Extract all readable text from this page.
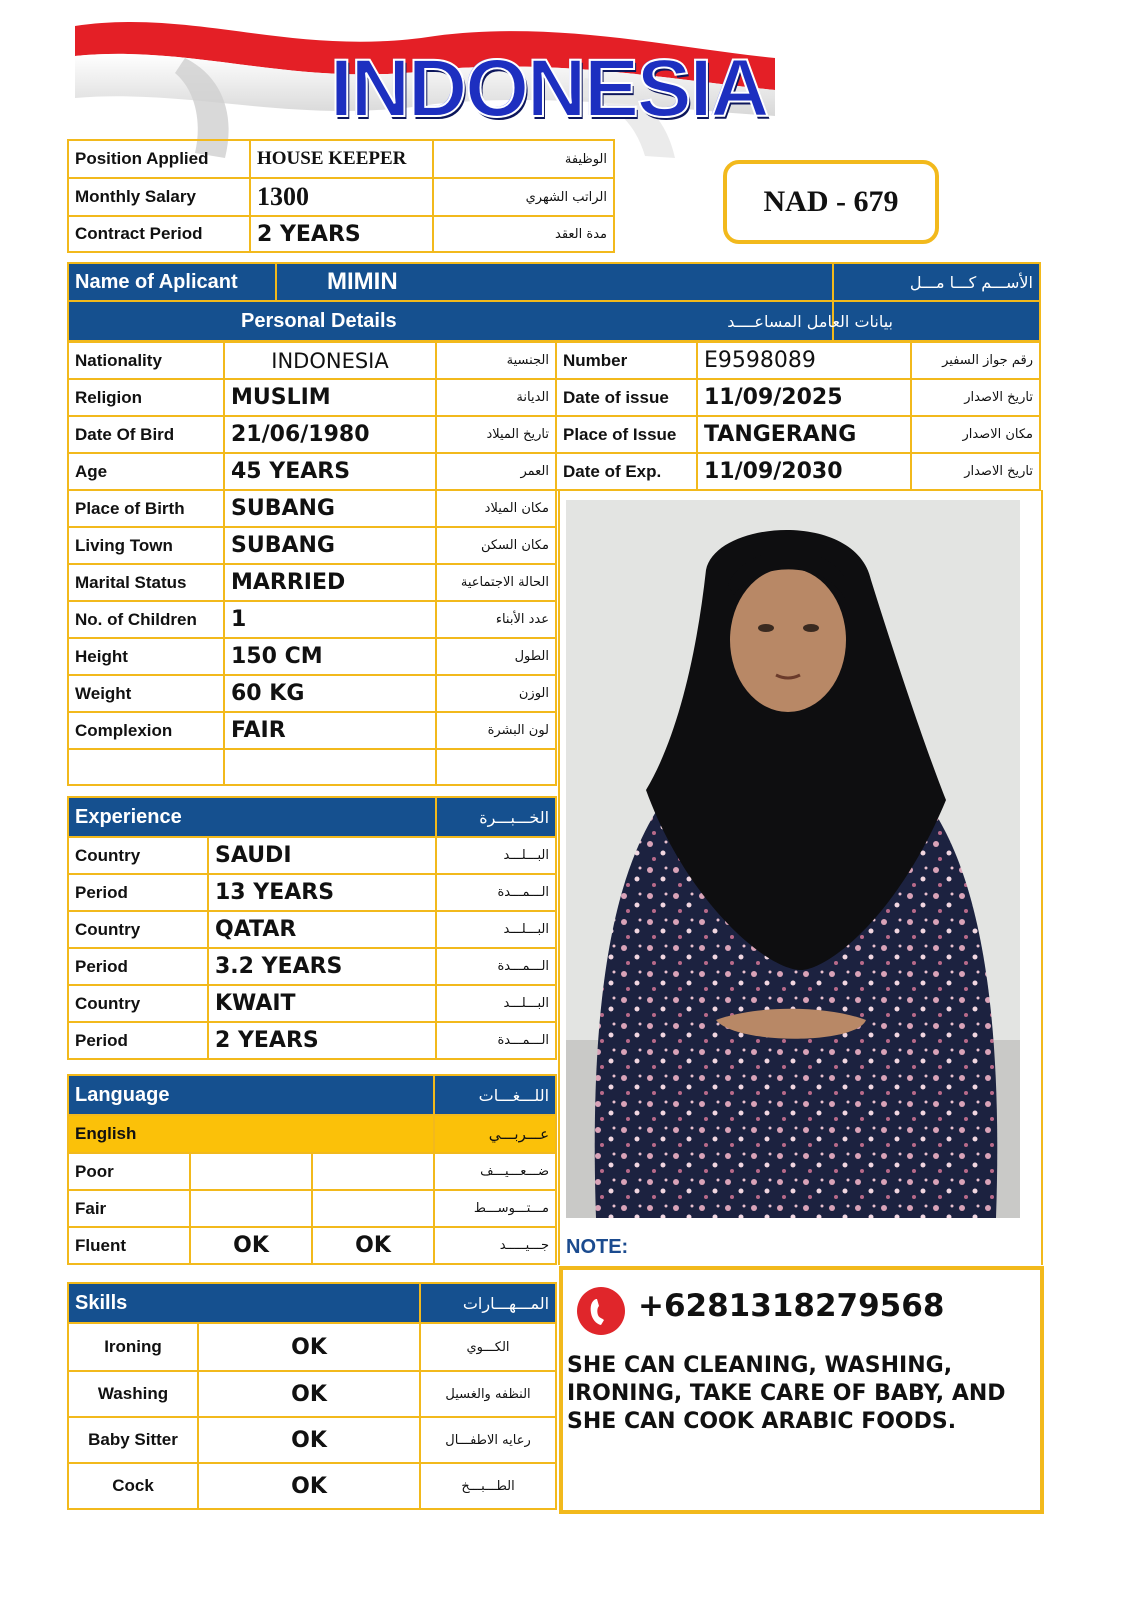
INDONESIA
Position Applied	HOUSE KEEPER	الوظيفة
Monthly Salary	1300	الراتب الشهري
Contract Period	2 YEARS	مدة العقد
NAD - 679
Name of Aplicant	MIMIN	الأســـم كـــا مـــل
Personal Details		بيانات العامل المساعــــد
Nationality	INDONESIA	الجنسية
Religion	MUSLIM	الديانة
Date Of Bird	21/06/1980	تاريخ الميلاد
Age	45 YEARS	العمر
Place of Birth	SUBANG	مكان الميلاد
Living Town	SUBANG	مكان السكن
Marital Status	MARRIED	الحالة الاجتماعية
No. of Children	1	عدد الأبناء
Height	150 CM	الطول
Weight	60 KG	الوزن
Complexion	FAIR	لون البشرة

Number	E9598089	رقم جواز السفير
Date of issue	11/09/2025	تاريخ الاصدار
Place of Issue	TANGERANG	مكان الاصدار
Date of Exp.	11/09/2030	تاريخ الاصدار
Experience		الخـــبـــرة
Country	SAUDI	البـــلـــد
Period	13 YEARS	الـــمـــدة
Country	QATAR	البـــلـــد
Period	3.2 YEARS	الـــمـــدة
Country	KWAIT	البـــلـــد
Period	2 YEARS	الـــمـــدة
Language			اللـــغـــات
English			عـــربـــي
Poor			ضـــعـــيـــف
Fair			مـــتـــوســـط
Fluent	OK	OK	جـــيـــــد
Skills		المـــهـــارات
Ironing	OK	الكـــوي
Washing	OK	النظفه والغسيل
Baby Sitter	OK	رعايه الاطفـــال
Cock	OK	الطـــبـــخ
NOTE:
+6281318279568
SHE CAN CLEANING, WASHING, IRONING, TAKE CARE OF BABY, AND SHE CAN COOK ARABIC FOODS.
